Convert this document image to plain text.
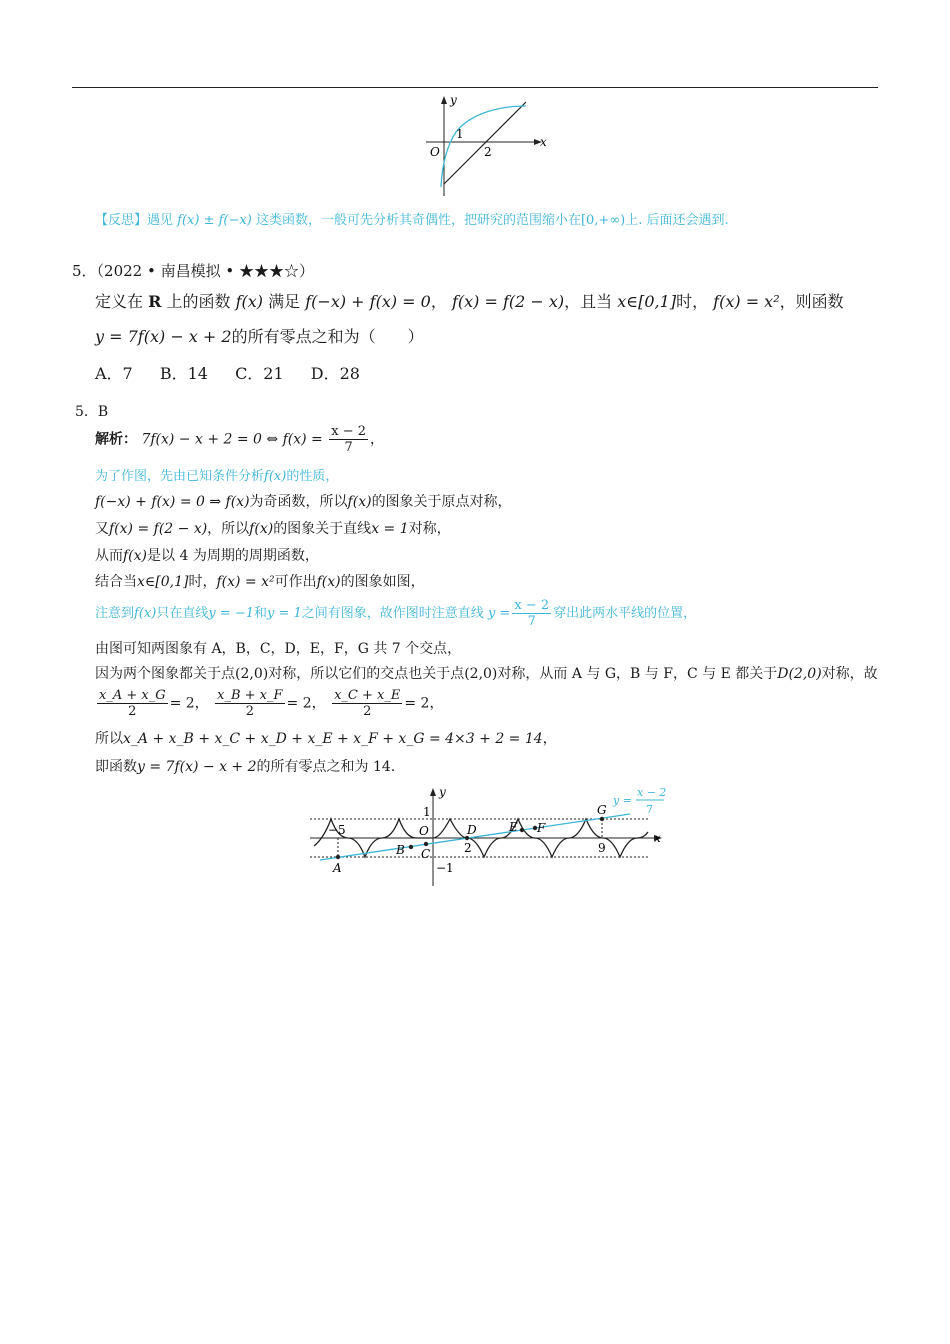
y
x
O
1
2
【反思】遇见 f(x) ± f(−x) 这类函数，一般可先分析其奇偶性，把研究的范围缩小在[0,+∞)上. 后面还会遇到.
5．（2022 • 南昌模拟 • ★★★☆）
定义在 R 上的函数 f(x) 满足 f(−x) + f(x) = 0， f(x) = f(2 − x)，且当 x∈[0,1]时， f(x) = x²，则函数
y = 7f(x) − x + 2的所有零点之和为（　　）
A．7 B．14 C．21 D．28
5．B
解析： 7f(x) − x + 2 = 0 ⇔ $f(x) = \frac{x - 2}{7}$ ，
为了作图，先由已知条件分析f(x)的性质，
f(−x) + f(x) = 0 ⇒ f(x)为奇函数，所以f(x)的图象关于原点对称，
又f(x) = f(2 − x)，所以f(x)的图象关于直线x = 1对称，
从而f(x)是以 4 为周期的周期函数，
结合当x∈[0,1]时，f(x) = x²可作出f(x)的图象如图，
注意到f(x)只在直线y = −1和y = 1之间有图象，故作图时注意直线 $y = \frac{x - 2}{7}$ 穿出此两水平线的位置，
由图可知两图象有 A，B，C，D，E，F，G 共 7 个交点，
因为两个图象都关于点(2,0)对称，所以它们的交点也关于点(2,0)对称，从而 A 与 G，B 与 F，C 与 E 都关于D(2,0)对称，故
$\frac{x\_A + x\_G}{2} = 2$， $\frac{x\_B + x\_F}{2} = 2$， $\frac{x\_C + x\_E}{2} = 2$，
所以x_A + x_B + x_C + x_D + x_E + x_F + x_G = 4×3 + 2 = 14，
即函数y = 7f(x) − x + 2的所有零点之和为 14.
y
x
O
1
−1
−5
2	9
A
B C
D	E F
G
y =
x − 2
7
